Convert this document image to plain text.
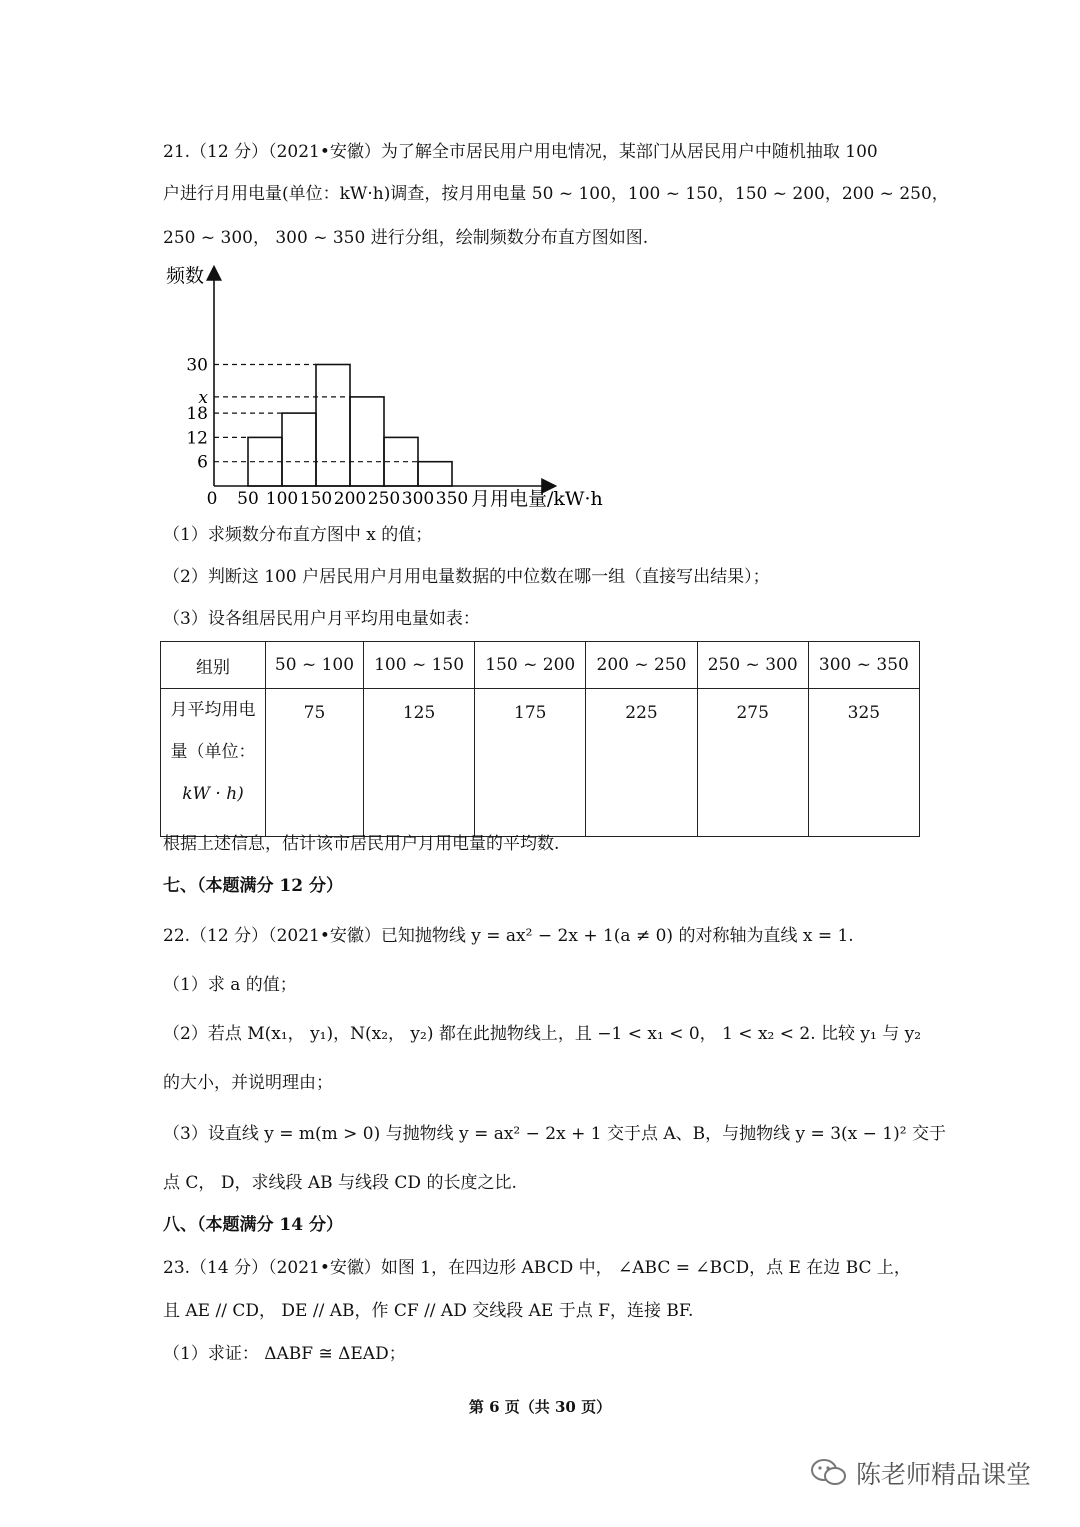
21.（12 分）（2021•安徽）为了解全市居民用户用电情况，某部门从居民用户中随机抽取 100
户进行月用电量(单位：kW·h)调查，按月用电量 50 ~ 100，100 ~ 150，150 ~ 200，200 ~ 250，
250 ~ 300， 300 ~ 350 进行分组，绘制频数分布直方图如图.
频数
6
12
18
x
30
0 50 100 150 200 250 300 350 月用电量/kW·h
（1）求频数分布直方图中 x 的值；
（2）判断这 100 户居民用户月用电量数据的中位数在哪一组（直接写出结果）；
（3）设各组居民用户月平均用电量如表：
组别	50 ~ 100	100 ~ 150	150 ~ 200	200 ~ 250	250 ~ 300	300 ~ 350

月平均用电
量（单位：
kW · h)	75	125	175	225	275	325
根据上述信息，估计该市居民用户月用电量的平均数.
七、（本题满分 12 分）
22.（12 分）（2021•安徽）已知抛物线 y = ax² − 2x + 1(a ≠ 0) 的对称轴为直线 x = 1.
（1）求 a 的值；
（2）若点 M(x₁， y₁)，N(x₂， y₂) 都在此抛物线上，且 −1 < x₁ < 0， 1 < x₂ < 2. 比较 y₁ 与 y₂
的大小，并说明理由；
（3）设直线 y = m(m > 0) 与抛物线 y = ax² − 2x + 1 交于点 A、B，与抛物线 y = 3(x − 1)² 交于
点 C， D，求线段 AB 与线段 CD 的长度之比.
八、（本题满分 14 分）
23.（14 分）（2021•安徽）如图 1，在四边形 ABCD 中， ∠ABC = ∠BCD，点 E 在边 BC 上，
且 AE // CD， DE // AB，作 CF // AD 交线段 AE 于点 F，连接 BF.
（1）求证： ΔABF ≅ ΔEAD；
第 6 页（共 30 页）
陈老师精品课堂
